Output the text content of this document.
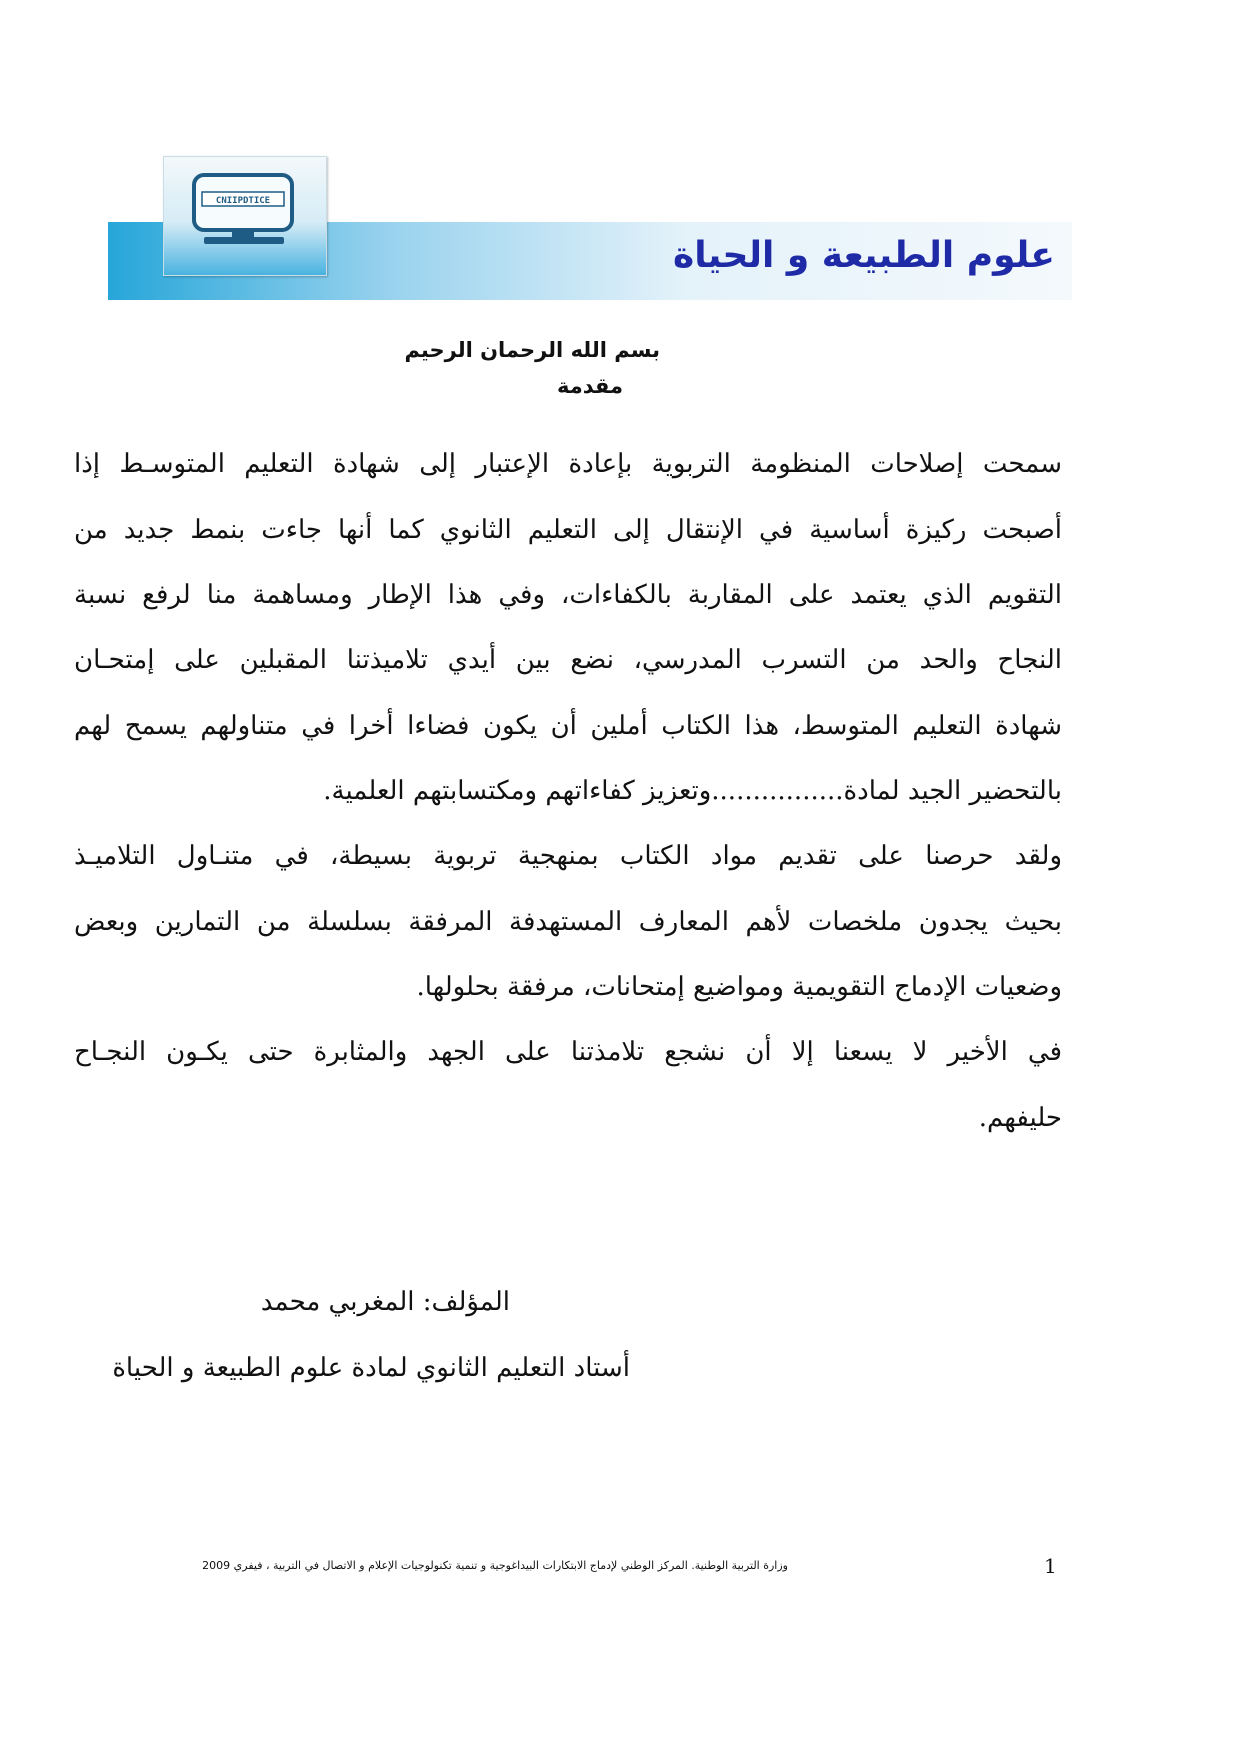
CNIIPDTICE
علوم الطبيعة و الحياة

بسم الله الرحمان الرحيم

مقدمة

سمحت إصلاحات المنظومة التربوية بإعادة الإعتبار إلى شهادة التعليم المتوسـط إذا

أصبحت ركيزة أساسية في الإنتقال إلى التعليم الثانوي كما أنها جاءت بنمط جديد من

التقويم الذي يعتمد على المقاربة بالكفاءات، وفي هذا الإطار ومساهمة منا لرفع نسبة

النجاح والحد من التسرب المدرسي، نضع بين أيدي تلاميذتنا المقبلين على إمتحـان

شهادة التعليم المتوسط، هذا الكتاب أملين أن يكون فضاءا أخرا في متناولهم يسمح لهم

بالتحضير الجيد لمادة................وتعزيز كفاءاتهم ومكتسابتهم العلمية.

ولقد حرصنا على تقديم مواد الكتاب بمنهجية تربوية بسيطة، في متنـاول التلاميـذ

بحيث يجدون ملخصات لأهم المعارف المستهدفة المرفقة بسلسلة من التمارين وبعض

وضعيات الإدماج التقويمية ومواضيع إمتحانات، مرفقة بحلولها.

في الأخير لا يسعنا إلا أن نشجع تلامذتنا على الجهد والمثابرة حتى يكـون النجـاح

حليفهم.

المؤلف: المغربي محمد

أستاد التعليم الثانوي لمادة علوم الطبيعة و الحياة

وزارة التربية الوطنية. المركز الوطني لإدماج الابتكارات البيداغوجية و تنمية تكنولوجيات الإعلام و الاتصال في التربية ، فيفري 2009	1
